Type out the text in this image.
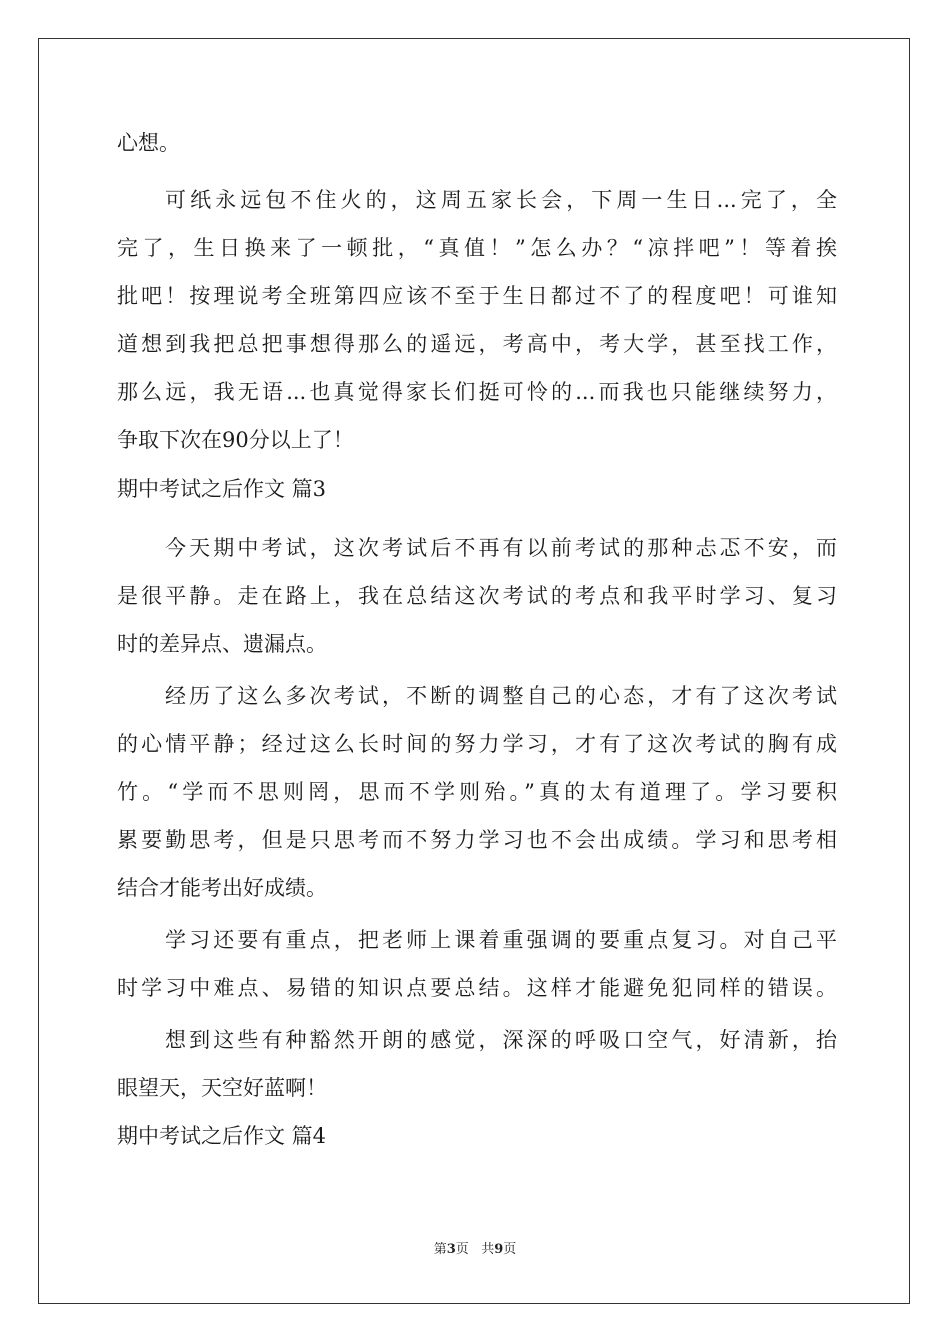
心想。
可纸永远包不住火的，这周五家长会，下周一生日...完了，全
完了，生日换来了一顿批，“真值！”怎么办？“凉拌吧”！等着挨
批吧！按理说考全班第四应该不至于生日都过不了的程度吧！可谁知
道想到我把总把事想得那么的遥远，考高中，考大学，甚至找工作，
那么远，我无语...也真觉得家长们挺可怜的...而我也只能继续努力，
争取下次在90分以上了！
期中考试之后作文 篇3
今天期中考试，这次考试后不再有以前考试的那种忐忑不安，而
是很平静。走在路上，我在总结这次考试的考点和我平时学习、复习
时的差异点、遗漏点。
经历了这么多次考试，不断的调整自己的心态，才有了这次考试
的心情平静；经过这么长时间的努力学习，才有了这次考试的胸有成
竹。“学而不思则罔，思而不学则殆。”真的太有道理了。学习要积
累要勤思考，但是只思考而不努力学习也不会出成绩。学习和思考相
结合才能考出好成绩。
学习还要有重点，把老师上课着重强调的要重点复习。对自己平
时学习中难点、易错的知识点要总结。这样才能避免犯同样的错误。
想到这些有种豁然开朗的感觉，深深的呼吸口空气，好清新，抬
眼望天，天空好蓝啊！
期中考试之后作文 篇4
第3页 共9页
